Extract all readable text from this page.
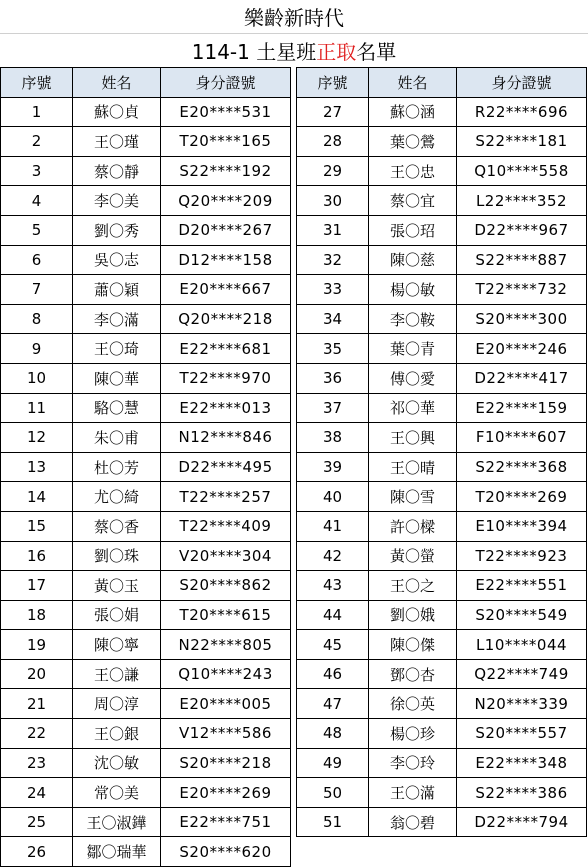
樂齡新時代
114-1 土星班 正取 名單
序號	姓名	身分證號
1	蘇〇貞	E20****531
2	王〇瑾	T20****165
3	蔡〇靜	S22****192
4	李〇美	Q20****209
5	劉〇秀	D20****267
6	吳〇志	D12****158
7	蕭〇穎	E20****667
8	李〇滿	Q20****218
9	王〇琦	E22****681
10	陳〇華	T22****970
11	駱〇慧	E22****013
12	朱〇甫	N12****846
13	杜〇芳	D22****495
14	尤〇綺	T22****257
15	蔡〇香	T22****409
16	劉〇珠	V20****304
17	黃〇玉	S20****862
18	張〇娟	T20****615
19	陳〇寧	N22****805
20	王〇謙	Q10****243
21	周〇淳	E20****005
22	王〇銀	V12****586
23	沈〇敏	S20****218
24	常〇美	E20****269
25	王〇淑鏵	E22****751
26	鄒〇瑞華	S20****620
序號	姓名	身分證號
27	蘇〇涵	R22****696
28	葉〇鶯	S22****181
29	王〇忠	Q10****558
30	蔡〇宜	L22****352
31	張〇玿	D22****967
32	陳〇慈	S22****887
33	楊〇敏	T22****732
34	李〇鞍	S20****300
35	葉〇青	E20****246
36	傅〇愛	D22****417
37	祁〇華	E22****159
38	王〇興	F10****607
39	王〇晴	S22****368
40	陳〇雪	T20****269
41	許〇樑	E10****394
42	黃〇螢	T22****923
43	王〇之	E22****551
44	劉〇娥	S20****549
45	陳〇傑	L10****044
46	鄧〇杏	Q22****749
47	徐〇英	N20****339
48	楊〇珍	S20****557
49	李〇玲	E22****348
50	王〇滿	S22****386
51	翁〇碧	D22****794
